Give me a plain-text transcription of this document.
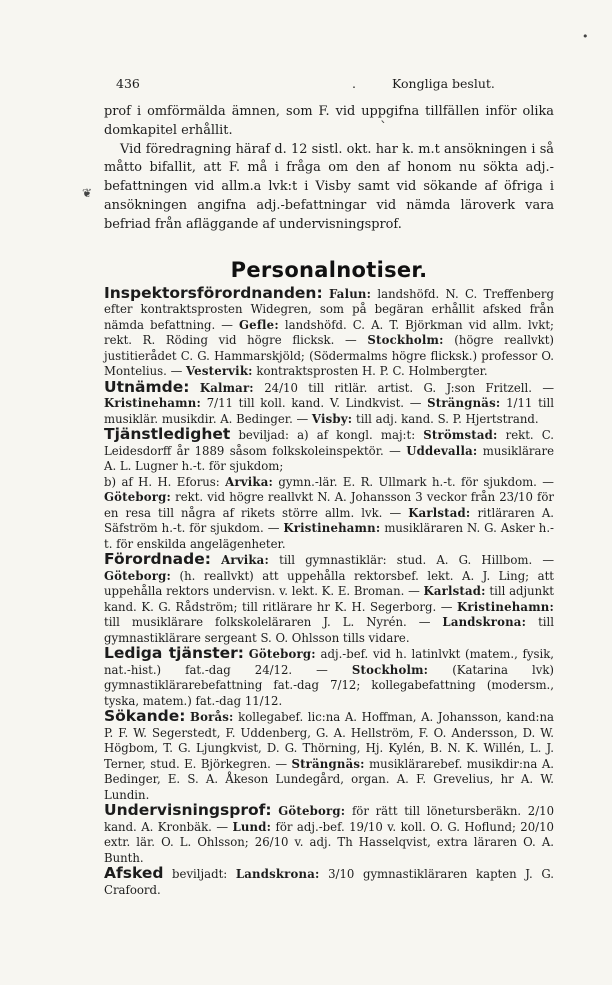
436	.	Kongliga beslut.
•
ˋ
❦

prof i omförmälda ämnen, som F. vid uppgifna tillfällen inför olika domkapitel erhållit.

Vid föredragning häraf d. 12 sistl. okt. har k. m.t ansökningen i så måtto bifallit, att F. må i fråga om den af honom nu sökta adj.-befattningen vid allm.a lvk:t i Visby samt vid sökande af öfriga i ansökningen angifna adj.-befattningar vid nämda läroverk vara befriad från afläggande af undervisningsprof.

Personalnotiser.

Inspektorsförordnanden: Falun: landshöfd. N. C. Treffenberg efter kontraktsprosten Widegren, som på begäran erhållit afsked från nämda befattning. — Gefle: landshöfd. C. A. T. Björkman vid allm. lvkt; rekt. R. Röding vid högre flicksk. — Stockholm: (högre reallvkt) justitierådet C. G. Hammarskjöld; (Södermalms högre flicksk.) professor O. Montelius. — Vestervik: kontraktsprosten H. P. C. Holmbergter.

Utnämde: Kalmar: 24/10 till ritlär. artist. G. J:son Fritzell. — Kristinehamn: 7/11 till koll. kand. V. Lindkvist. — Strängnäs: 1/11 till musiklär. musikdir. A. Bedinger. — Visby: till adj. kand. S. P. Hjertstrand.

Tjänstledighet beviljad: a) af kongl. maj:t: Strömstad: rekt. C. Leidesdorff år 1889 såsom folkskoleinspektör. — Uddevalla: musiklärare A. L. Lugner h.-t. för sjukdom;

b) af H. H. Eforus: Arvika: gymn.-lär. E. R. Ullmark h.-t. för sjukdom. — Göteborg: rekt. vid högre reallvkt N. A. Johansson 3 veckor från 23/10 för en resa till några af rikets större allm. lvk. — Karlstad: ritläraren A. Säfström h.-t. för sjukdom. — Kristinehamn: musikläraren N. G. Asker h.-t. för enskilda angelägenheter.

Förordnade: Arvika: till gymnastiklär: stud. A. G. Hillbom. — Göteborg: (h. reallvkt) att uppehålla rektorsbef. lekt. A. J. Ling; att uppehålla rektors undervisn. v. lekt. K. E. Broman. — Karlstad: till adjunkt kand. K. G. Rådström; till ritlärare hr K. H. Segerborg. — Kristinehamn: till musiklärare folkskoleläraren J. L. Nyrén. — Landskrona: till gymnastiklärare sergeant S. O. Ohlsson tills vidare.

Lediga tjänster: Göteborg: adj.-bef. vid h. latinlvkt (matem., fysik, nat.-hist.) fat.-dag 24/12. — Stockholm: (Katarina lvk) gymnastiklärarebefattning fat.-dag 7/12; kollegabefattning (modersm., tyska, matem.) fat.-dag 11/12.

Sökande: Borås: kollegabef. lic:na A. Hoffman, A. Johansson, kand:na P. F. W. Segerstedt, F. Uddenberg, G. A. Hellström, F. O. Andersson, D. W. Högbom, T. G. Ljungkvist, D. G. Thörning, Hj. Kylén, B. N. K. Willén, L. J. Terner, stud. E. Björkegren. — Strängnäs: musiklärarebef. musikdir:na A. Bedinger, E. S. A. Åkeson Lundegård, organ. A. F. Grevelius, hr A. W. Lundin.

Undervisningsprof: Göteborg: för rätt till lönetursberäkn. 2/10 kand. A. Kronbäk. — Lund: för adj.-bef. 19/10 v. koll. O. G. Hoflund; 20/10 extr. lär. O. L. Ohlsson; 26/10 v. adj. Th Hasselqvist, extra läraren O. A. Bunth.

Afsked beviljadt: Landskrona: 3/10 gymnastikläraren kapten J. G. Crafoord.
